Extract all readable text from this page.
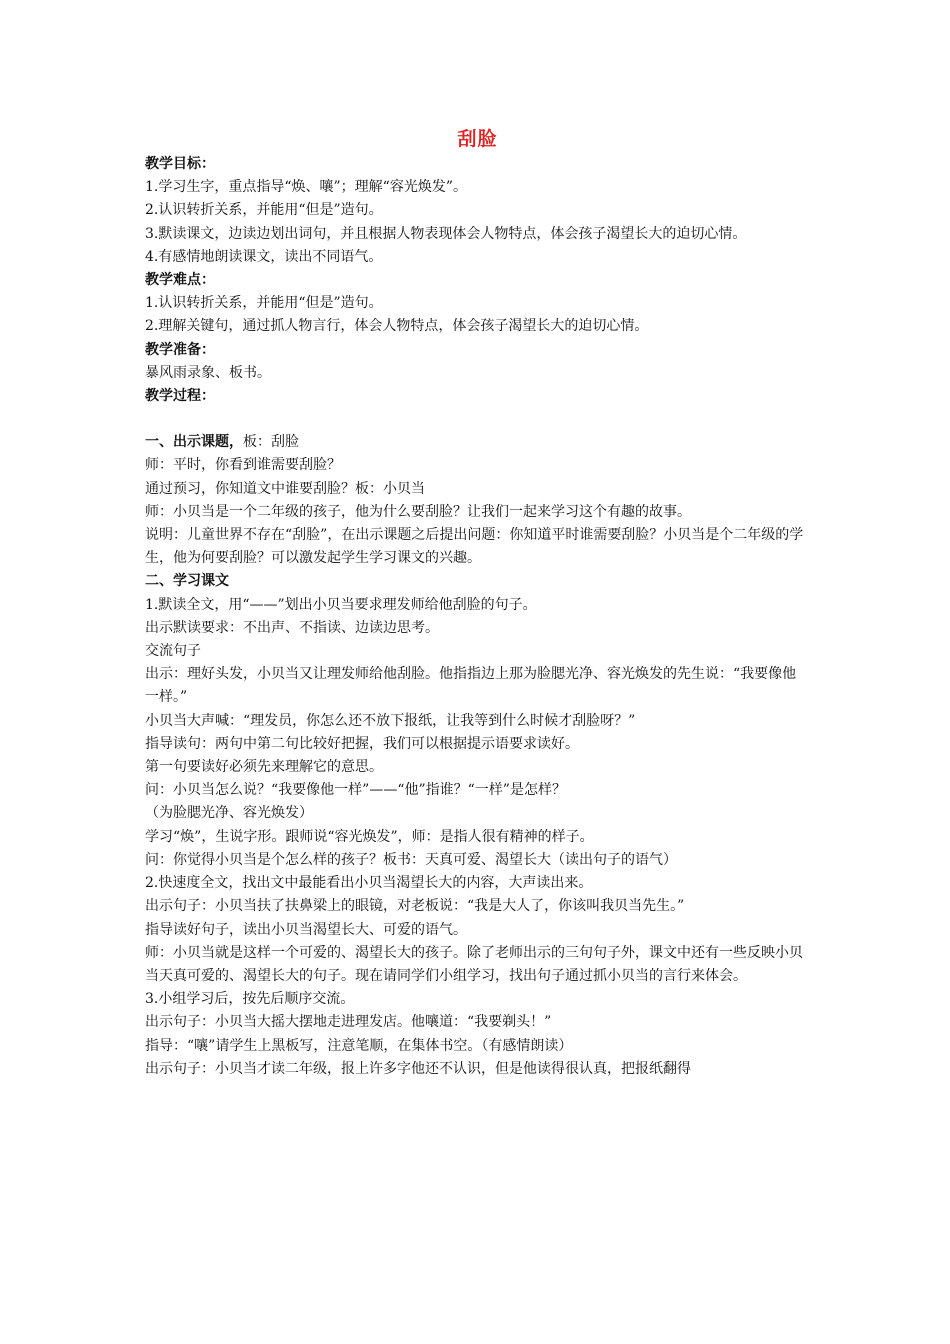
刮脸

教学目标：

1.学习生字，重点指导“焕、嚷”；理解“容光焕发”。

2.认识转折关系，并能用“但是”造句。

3.默读课文，边读边划出词句，并且根据人物表现体会人物特点，体会孩子渴望长大的迫切心情。

4.有感情地朗读课文，读出不同语气。

教学难点：

1.认识转折关系，并能用“但是”造句。

2.理解关键句，通过抓人物言行，体会人物特点，体会孩子渴望长大的迫切心情。

教学准备：

暴风雨录象、板书。

教学过程：

一、出示课题，板：刮脸

师：平时，你看到谁需要刮脸？

通过预习，你知道文中谁要刮脸？板：小贝当

师：小贝当是一个二年级的孩子，他为什么要刮脸？让我们一起来学习这个有趣的故事。

说明：儿童世界不存在“刮脸”，在出示课题之后提出问题：你知道平时谁需要刮脸？小贝当是个二年级的学生，他为何要刮脸？可以激发起学生学习课文的兴趣。

二、学习课文

1.默读全文，用“——”划出小贝当要求理发师给他刮脸的句子。

出示默读要求：不出声、不指读、边读边思考。

交流句子

出示：理好头发，小贝当又让理发师给他刮脸。他指指边上那为脸腮光净、容光焕发的先生说：“我要像他一样。”

小贝当大声喊：“理发员，你怎么还不放下报纸，让我等到什么时候才刮脸呀？”

指导读句：两句中第二句比较好把握，我们可以根据提示语要求读好。

第一句要读好必须先来理解它的意思。

问：小贝当怎么说？“我要像他一样”——“他”指谁？“一样”是怎样？

（为脸腮光净、容光焕发）

学习“焕”，生说字形。跟师说“容光焕发”，师：是指人很有精神的样子。

问：你觉得小贝当是个怎么样的孩子？板书：天真可爱、渴望长大（读出句子的语气）

2.快速度全文，找出文中最能看出小贝当渴望长大的内容，大声读出来。

出示句子：小贝当扶了扶鼻梁上的眼镜，对老板说：“我是大人了，你该叫我贝当先生。”

指导读好句子，读出小贝当渴望长大、可爱的语气。

师：小贝当就是这样一个可爱的、渴望长大的孩子。除了老师出示的三句句子外，课文中还有一些反映小贝当天真可爱的、渴望长大的句子。现在请同学们小组学习，找出句子通过抓小贝当的言行来体会。

3.小组学习后，按先后顺序交流。

出示句子：小贝当大摇大摆地走进理发店。他嚷道：“我要剃头！”

指导：“嚷”请学生上黑板写，注意笔顺，在集体书空。（有感情朗读）

出示句子：小贝当才读二年级，报上许多字他还不认识，但是他读得很认真，把报纸翻得
